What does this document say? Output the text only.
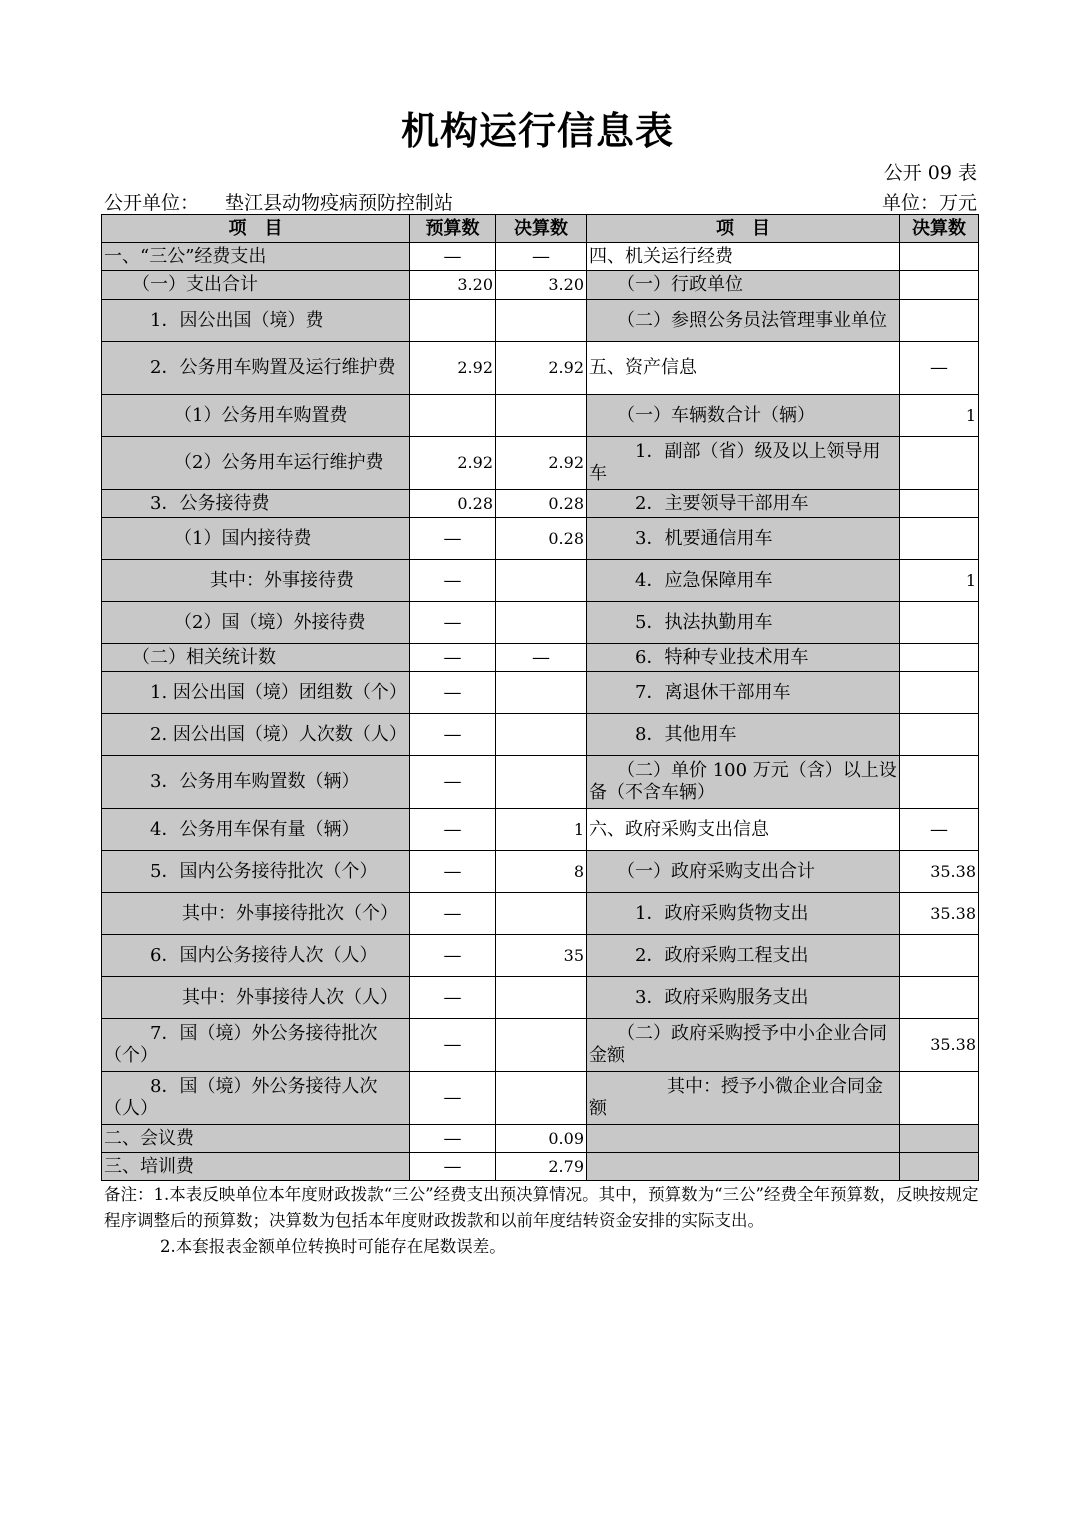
机构运行信息表
公开 09 表
公开单位： 垫江县动物疫病预防控制站	单位：万元
项　目	预算数	决算数	项　目	决算数
一、“三公”经费支出	—	—	四、机关运行经费	
（一）支出合计	3.20	3.20	（一）行政单位	
1．因公出国（境）费			（二）参照公务员法管理事业单位	
2．公务用车购置及运行维护费	2.92	2.92	五、资产信息	—
（1）公务用车购置费			（一）车辆数合计（辆）	1
（2）公务用车运行维护费	2.92	2.92	1．副部（省）级及以上领导用车	
3．公务接待费	0.28	0.28	2．主要领导干部用车	
（1）国内接待费	—	0.28	3．机要通信用车	
其中：外事接待费	—		4．应急保障用车	1
（2）国（境）外接待费	—		5．执法执勤用车	
（二）相关统计数	—	—	6．特种专业技术用车	
1. 因公出国（境）团组数（个）	—		7．离退休干部用车	
2. 因公出国（境）人次数（人）	—		8．其他用车	
3．公务用车购置数（辆）	—		（二）单价 100 万元（含）以上设备（不含车辆）	
4．公务用车保有量（辆）	—	1	六、政府采购支出信息	—
5．国内公务接待批次（个）	—	8	（一）政府采购支出合计	35.38
其中：外事接待批次（个）	—		1．政府采购货物支出	35.38
6．国内公务接待人次（人）	—	35	2．政府采购工程支出	
其中：外事接待人次（人）	—		3．政府采购服务支出	
7．国（境）外公务接待批次（个）	—		（二）政府采购授予中小企业合同金额	35.38
8．国（境）外公务接待人次（人）	—		其中：授予小微企业合同金额	
二、会议费	—	0.09		
三、培训费	—	2.79		

备注：1.本表反映单位本年度财政拨款“三公”经费支出预决算情况。其中，预算数为“三公”经费全年预算数，反映按规定程序调整后的预算数；决算数为包括本年度财政拨款和以前年度结转资金安排的实际支出。

2.本套报表金额单位转换时可能存在尾数误差。
